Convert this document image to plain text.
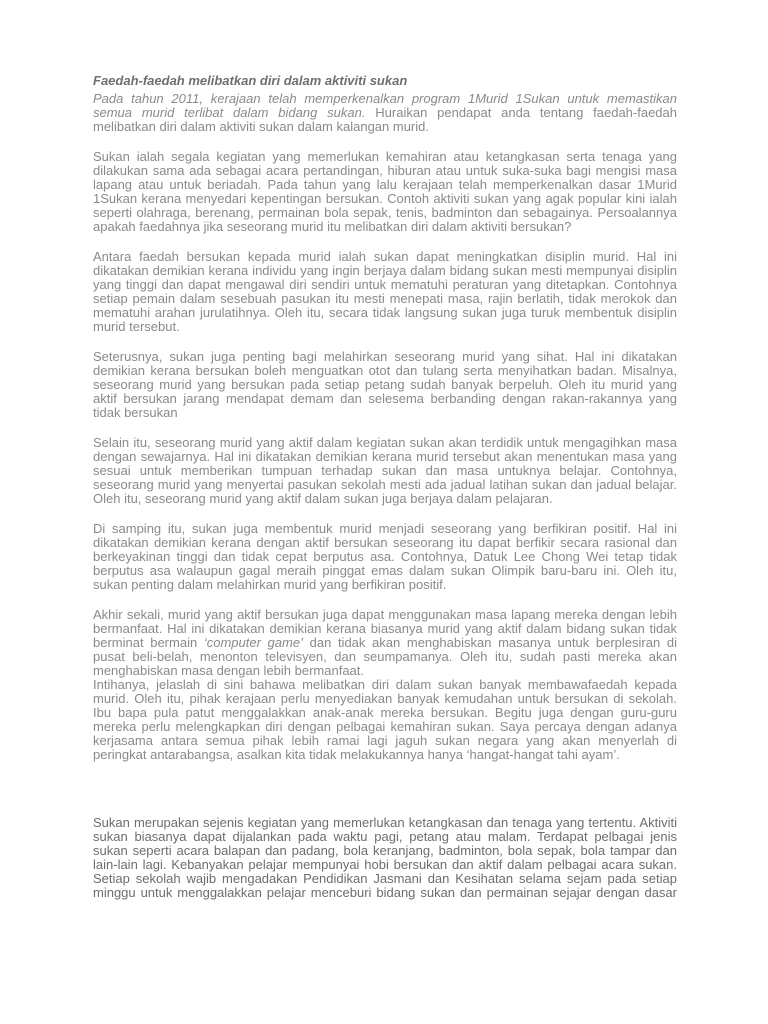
Faedah-faedah melibatkan diri dalam aktiviti sukan

Pada tahun 2011, kerajaan telah memperkenalkan program 1Murid 1Sukan untuk memastikan semua murid terlibat dalam bidang sukan. Huraikan pendapat anda tentang faedah-faedah melibatkan diri dalam aktiviti sukan dalam kalangan murid.

Sukan ialah segala kegiatan yang memerlukan kemahiran atau ketangkasan serta tenaga yang dilakukan sama ada sebagai acara pertandingan, hiburan atau untuk suka-suka bagi mengisi masa lapang atau untuk beriadah. Pada tahun yang lalu kerajaan telah memperkenalkan dasar 1Murid 1Sukan kerana menyedari kepentingan bersukan. Contoh aktiviti sukan yang agak popular kini ialah seperti olahraga, berenang, permainan bola sepak, tenis, badminton dan sebagainya. Persoalannya apakah faedahnya jika seseorang murid itu melibatkan diri dalam aktiviti bersukan?

Antara faedah bersukan kepada murid ialah sukan dapat meningkatkan disiplin murid. Hal ini dikatakan demikian kerana individu yang ingin berjaya dalam bidang sukan mesti mempunyai disiplin yang tinggi dan dapat mengawal diri sendiri untuk mematuhi peraturan yang ditetapkan. Contohnya setiap pemain dalam sesebuah pasukan itu mesti menepati masa, rajin berlatih, tidak merokok dan mematuhi arahan jurulatihnya. Oleh itu, secara tidak langsung sukan juga turuk membentuk disiplin murid tersebut.

Seterusnya, sukan juga penting bagi melahirkan seseorang murid yang sihat. Hal ini dikatakan demikian kerana bersukan boleh menguatkan otot dan tulang serta menyihatkan badan. Misalnya, seseorang murid yang bersukan pada setiap petang sudah banyak berpeluh. Oleh itu murid yang aktif bersukan jarang mendapat demam dan selesema berbanding dengan rakan-rakannya yang tidak bersukan

Selain itu, seseorang murid yang aktif dalam kegiatan sukan akan terdidik untuk mengagihkan masa dengan sewajarnya. Hal ini dikatakan demikian kerana murid tersebut akan menentukan masa yang sesuai untuk memberikan tumpuan terhadap sukan dan masa untuknya belajar. Contohnya, seseorang murid yang menyertai pasukan sekolah mesti ada jadual latihan sukan dan jadual belajar. Oleh itu, seseorang murid yang aktif dalam sukan juga berjaya dalam pelajaran.

Di samping itu, sukan juga membentuk murid menjadi seseorang yang berfikiran positif. Hal ini dikatakan demikian kerana dengan aktif bersukan seseorang itu dapat berfikir secara rasional dan berkeyakinan tinggi dan tidak cepat berputus asa. Contohnya, Datuk Lee Chong Wei tetap tidak berputus asa walaupun gagal meraih pinggat emas dalam sukan Olimpik baru-baru ini. Oleh itu, sukan penting dalam melahirkan murid yang berfikiran positif.

Akhir sekali, murid yang aktif bersukan juga dapat menggunakan masa lapang mereka dengan lebih bermanfaat. Hal ini dikatakan demikian kerana biasanya murid yang aktif dalam bidang sukan tidak berminat bermain ‘computer game’ dan tidak akan menghabiskan masanya untuk berplesiran di pusat beli-belah, menonton televisyen, dan seumpamanya. Oleh itu, sudah pasti mereka akan menghabiskan masa dengan lebih bermanfaat.

Intihanya, jelaslah di sini bahawa melibatkan diri dalam sukan banyak membawafaedah kepada murid. Oleh itu, pihak kerajaan perlu menyediakan banyak kemudahan untuk bersukan di sekolah. Ibu bapa pula patut menggalakkan anak-anak mereka bersukan. Begitu juga dengan guru-guru mereka perlu melengkapkan diri dengan pelbagai kemahiran sukan. Saya percaya dengan adanya kerjasama antara semua pihak lebih ramai lagi jaguh sukan negara yang akan menyerlah di peringkat antarabangsa, asalkan kita tidak melakukannya hanya ‘hangat-hangat tahi ayam’.

Sukan merupakan sejenis kegiatan yang memerlukan ketangkasan dan tenaga yang tertentu. Aktiviti sukan biasanya dapat dijalankan pada waktu pagi, petang atau malam. Terdapat pelbagai jenis sukan seperti acara balapan dan padang, bola keranjang, badminton, bola sepak, bola tampar dan lain-lain lagi. Kebanyakan pelajar mempunyai hobi bersukan dan aktif dalam pelbagai acara sukan. Setiap sekolah wajib mengadakan Pendidikan Jasmani dan Kesihatan selama sejam pada setiap minggu untuk menggalakkan pelajar menceburi bidang sukan dan permainan sejajar dengan dasar
